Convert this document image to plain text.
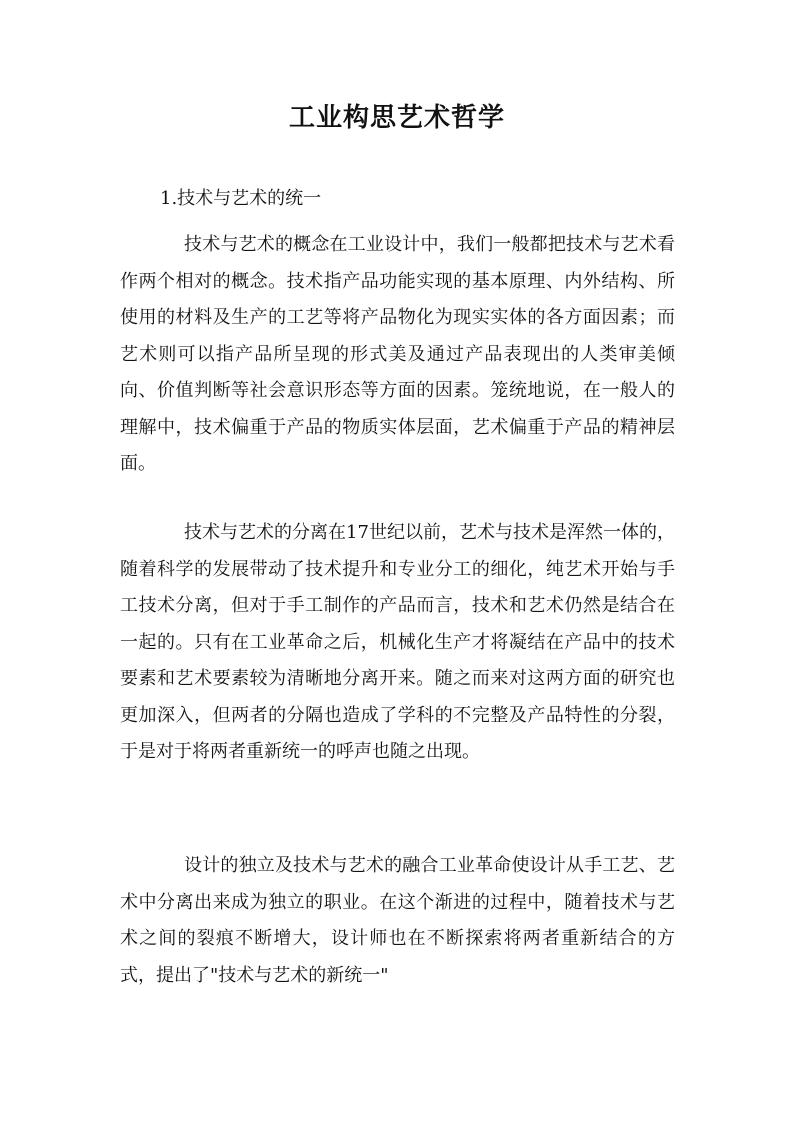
工业构思艺术哲学
1.技术与艺术的统一

技术与艺术的概念在工业设计中，我们一般都把技术与艺术看作两个相对的概念。技术指产品功能实现的基本原理、内外结构、所使用的材料及生产的工艺等将产品物化为现实实体的各方面因素；而艺术则可以指产品所呈现的形式美及通过产品表现出的人类审美倾向、价值判断等社会意识形态等方面的因素。笼统地说，在一般人的理解中，技术偏重于产品的物质实体层面，艺术偏重于产品的精神层面。

技术与艺术的分离在17世纪以前，艺术与技术是浑然一体的，随着科学的发展带动了技术提升和专业分工的细化，纯艺术开始与手工技术分离，但对于手工制作的产品而言，技术和艺术仍然是结合在一起的。只有在工业革命之后，机械化生产才将凝结在产品中的技术要素和艺术要素较为清晰地分离开来。随之而来对这两方面的研究也更加深入，但两者的分隔也造成了学科的不完整及产品特性的分裂，于是对于将两者重新统一的呼声也随之出现。

设计的独立及技术与艺术的融合工业革命使设计从手工艺、艺术中分离出来成为独立的职业。在这个渐进的过程中，随着技术与艺术之间的裂痕不断增大，设计师也在不断探索将两者重新结合的方式，提出了"技术与艺术的新统一"
